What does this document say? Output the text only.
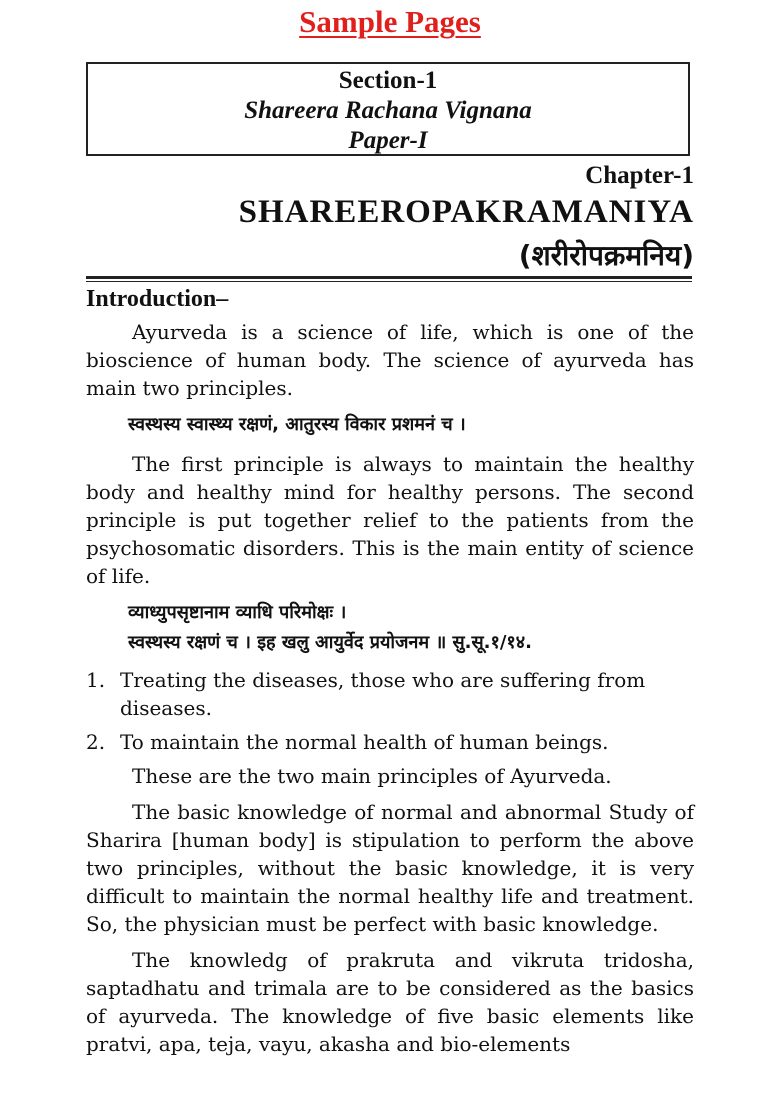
Sample Pages
Section-1
Shareera Rachana Vignana
Paper-I
Chapter-1
SHAREEROPAKRAMANIYA
(शरीरोपक्रमनिय)
Introduction–

Ayurveda is a science of life, which is one of the bioscience of human body. The science of ayurveda has main two principles.

स्वस्थस्य स्वास्थ्य रक्षणं, आतुरस्य विकार प्रशमनं च ।

The first principle is always to maintain the healthy body and healthy mind for healthy persons. The second principle is put together relief to the patients from the psychosomatic disorders. This is the main entity of science of life.

व्याध्युपसृष्टानाम व्याधि परिमोक्षः ।
स्वस्थस्य रक्षणं च । इह खलु आयुर्वेद प्रयोजनम ॥ सु.सू.१/१४.
1. Treating the diseases, those who are suffering from diseases.
2. To maintain the normal health of human beings.

These are the two main principles of Ayurveda.

The basic knowledge of normal and abnormal Study of Sharira [human body] is stipulation to perform the above two principles, without the basic knowledge, it is very difficult to maintain the normal healthy life and treatment. So, the physician must be perfect with basic knowledge.

The knowledg of prakruta and vikruta tridosha, saptadhatu and trimala are to be considered as the basics of ayurveda. The knowledge of five basic elements like pratvi, apa, teja, vayu, akasha and bio-elements
